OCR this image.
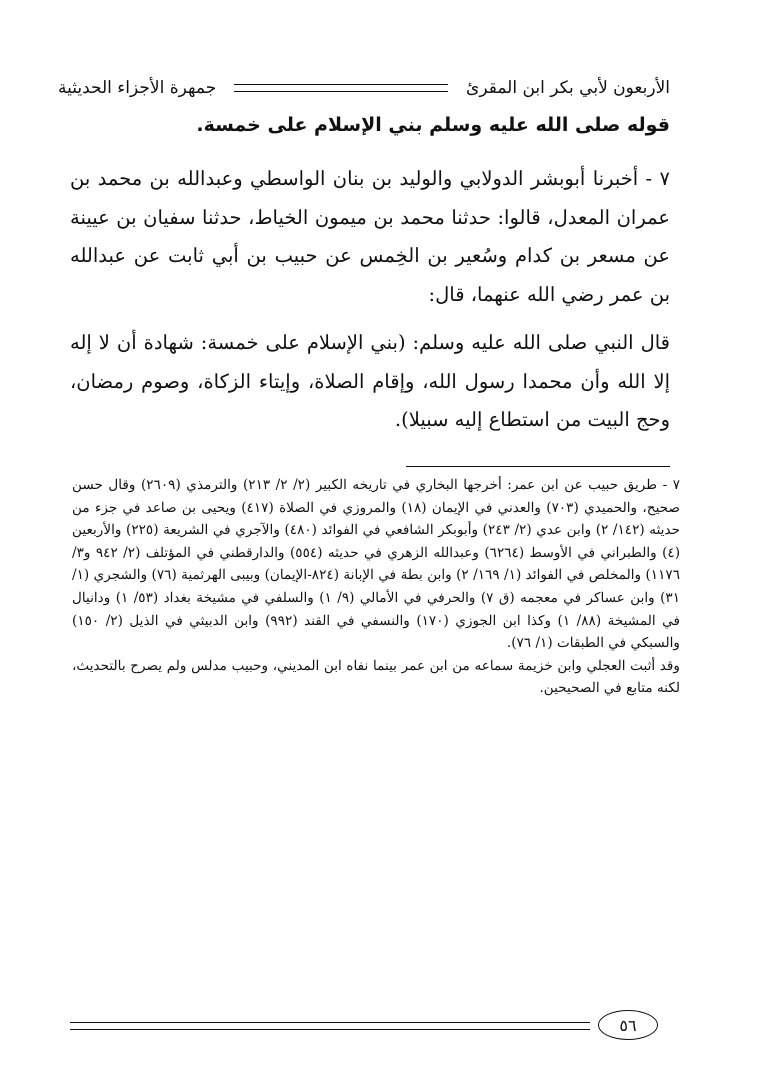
الأربعون لأبي بكر ابن المقرئ
جمهرة الأجزاء الحديثية
قوله صلى الله عليه وسلم بني الإسلام على خمسة.

٧ - أخبرنا أبوبشر الدولابي والوليد بن بنان الواسطي وعبدالله بن محمد بن عمران المعدل، قالوا: حدثنا محمد بن ميمون الخياط، حدثنا سفيان بن عيينة عن مسعر بن كدام وسُعير بن الخِمس عن حبيب بن أبي ثابت عن عبدالله بن عمر رضي الله عنهما، قال:

قال النبي صلى الله عليه وسلم: (بني الإسلام على خمسة: شهادة أن لا إله إلا الله وأن محمدا رسول الله، وإقام الصلاة، وإيتاء الزكاة، وصوم رمضان، وحج البيت من استطاع إليه سبيلا).

٧ - طريق حبيب عن ابن عمر: أخرجها البخاري في تاريخه الكبير (٢/ ٢/ ٢١٣) والترمذي (٢٦٠٩) وقال حسن صحيح، والحميدي (٧٠٣) والعدني في الإيمان (١٨) والمروزي في الصلاة (٤١٧) ويحيى بن صاعد في جزء من حديثه (١٤٢/ ٢) وابن عدي (٢/ ٢٤٣) وأبوبكر الشافعي في الفوائد (٤٨٠) والآجري في الشريعة (٢٢٥) والأربعين (٤) والطبراني في الأوسط (٦٢٦٤) وعبدالله الزهري في حديثه (٥٥٤) والدارقطني في المؤتلف (٢/ ٩٤٢ و٣/ ١١٧٦) والمخلص في الفوائد (١/ ١٦٩/ ٢) وابن بطة في الإبانة (٨٢٤-الإيمان) وبيبى الهرثمية (٧٦) والشجري (١/ ٣١) وابن عساكر في معجمه (ق ٧) والحرفي في الأمالي (٩/ ١) والسلفي في مشيخة بغداد (٥٣/ ١) ودانيال في المشيخة (٨٨/ ١) وكذا ابن الجوزي (١٧٠) والنسفي في القند (٩٩٢) وابن الدبيثي في الذيل (٢/ ١٥٠) والسبكي في الطبقات (١/ ٧٦).

وقد أثبت العجلي وابن خزيمة سماعه من ابن عمر بينما نفاه ابن المديني، وحبيب مدلس ولم يصرح بالتحديث، لكنه متابع في الصحيحين.

٥٦
